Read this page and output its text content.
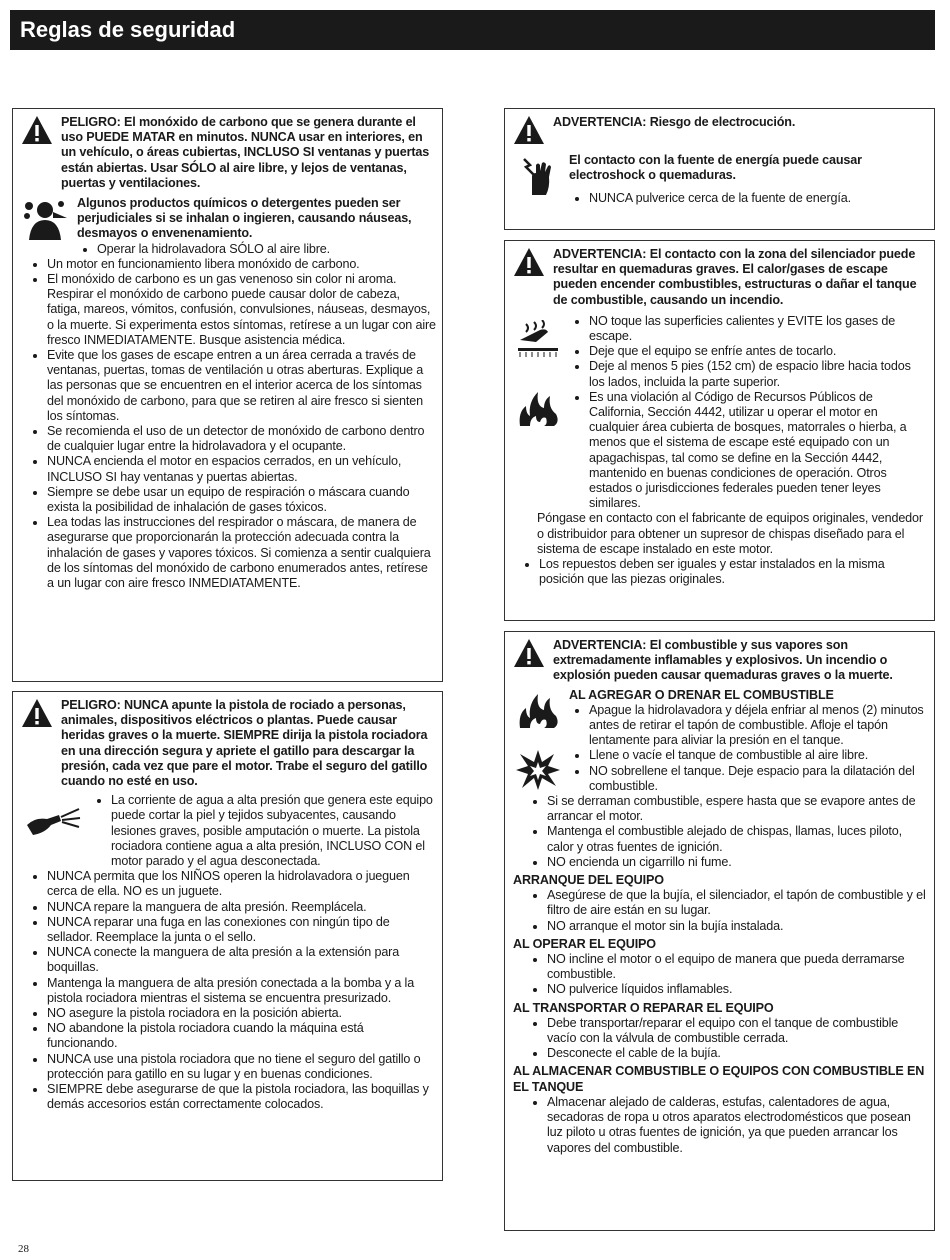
Reglas de seguridad
PELIGRO: El monóxido de carbono que se genera durante el uso PUEDE MATAR en minutos. NUNCA usar en interiores, en un vehículo, o áreas cubiertas, INCLUSO SI ventanas y puertas están abiertas. Usar SÓLO al aire libre, y lejos de ventanas, puertas y ventilaciones.
Algunos productos químicos o detergentes pueden ser perjudiciales si se inhalan o ingieren, causando náuseas, desmayos o envenenamiento.
• Operar la hidrolavadora SÓLO al aire libre.
• Un motor en funcionamiento libera monóxido de carbono.
• El monóxido de carbono es un gas venenoso sin color ni aroma. Respirar el monóxido de carbono puede causar dolor de cabeza, fatiga, mareos, vómitos, confusión, convulsiones, náuseas, desmayos, o la muerte. Si experimenta estos síntomas, retírese a un lugar con aire fresco INMEDIATAMENTE. Busque asistencia médica.
• Evite que los gases de escape entren a un área cerrada a través de ventanas, puertas, tomas de ventilación u otras aberturas. Explique a las personas que se encuentren en el interior acerca de los síntomas del monóxido de carbono, para que se retiren al aire fresco si sienten los síntomas.
• Se recomienda el uso de un detector de monóxido de carbono dentro de cualquier lugar entre la hidrolavadora y el ocupante.
• NUNCA encienda el motor en espacios cerrados, en un vehículo, INCLUSO SI hay ventanas y puertas abiertas.
• Siempre se debe usar un equipo de respiración o máscara cuando exista la posibilidad de inhalación de gases tóxicos.
• Lea todas las instrucciones del respirador o máscara, de manera de asegurarse que proporcionarán la protección adecuada contra la inhalación de gases y vapores tóxicos. Si comienza a sentir cualquiera de los síntomas del monóxido de carbono enumerados antes, retírese a un lugar con aire fresco INMEDIATAMENTE.
PELIGRO: NUNCA apunte la pistola de rociado a personas, animales, dispositivos eléctricos o plantas. Puede causar heridas graves o la muerte. SIEMPRE dirija la pistola rociadora en una dirección segura y apriete el gatillo para descargar la presión, cada vez que pare el motor. Trabe el seguro del gatillo cuando no esté en uso.
• La corriente de agua a alta presión que genera este equipo puede cortar la piel y tejidos subyacentes, causando lesiones graves, posible amputación o muerte. La pistola rociadora contiene agua a alta presión, INCLUSO CON el motor parado y el agua desconectada.
• NUNCA permita que los NIÑOS operen la hidrolavadora o jueguen cerca de ella. NO es un juguete.
• NUNCA repare la manguera de alta presión. Reemplácela.
• NUNCA reparar una fuga en las conexiones con ningún tipo de sellador. Reemplace la junta o el sello.
• NUNCA conecte la manguera de alta presión a la extensión para boquillas.
• Mantenga la manguera de alta presión conectada a la bomba y a la pistola rociadora mientras el sistema se encuentra presurizado.
• NO asegure la pistola rociadora en la posición abierta.
• NO abandone la pistola rociadora cuando la máquina está funcionando.
• NUNCA use una pistola rociadora que no tiene el seguro del gatillo o protección para gatillo en su lugar y en buenas condiciones.
• SIEMPRE debe asegurarse de que la pistola rociadora, las boquillas y demás accesorios están correctamente colocados.
ADVERTENCIA: Riesgo de electrocución.
El contacto con la fuente de energía puede causar electroshock o quemaduras.
• NUNCA pulverice cerca de la fuente de energía.
ADVERTENCIA: El contacto con la zona del silenciador puede resultar en quemaduras graves. El calor/gases de escape pueden encender combustibles, estructuras o dañar el tanque de combustible, causando un incendio.
• NO toque las superficies calientes y EVITE los gases de escape.
• Deje que el equipo se enfríe antes de tocarlo.
• Deje al menos 5 pies (152 cm) de espacio libre hacia todos los lados, incluida la parte superior.
• Es una violación al Código de Recursos Públicos de California, Sección 4442, utilizar u operar el motor en cualquier área cubierta de bosques, matorrales o hierba, a menos que el sistema de escape esté equipado con un apagachispas, tal como se define en la Sección 4442, mantenido en buenas condiciones de operación. Otros estados o jurisdicciones federales pueden tener leyes similares.
Póngase en contacto con el fabricante de equipos originales, vendedor o distribuidor para obtener un supresor de chispas diseñado para el sistema de escape instalado en este motor.
• Los repuestos deben ser iguales y estar instalados en la misma posición que las piezas originales.
ADVERTENCIA: El combustible y sus vapores son extremadamente inflamables y explosivos. Un incendio o explosión pueden causar quemaduras graves o la muerte.
AL AGREGAR O DRENAR EL COMBUSTIBLE
• Apague la hidrolavadora y déjela enfriar al menos (2) minutos antes de retirar el tapón de combustible. Afloje el tapón lentamente para aliviar la presión en el tanque.
• Llene o vacíe el tanque de combustible al aire libre.
• NO sobrellene el tanque. Deje espacio para la dilatación del combustible.
• Si se derraman combustible, espere hasta que se evapore antes de arrancar el motor.
• Mantenga el combustible alejado de chispas, llamas, luces piloto, calor y otras fuentes de ignición.
• NO encienda un cigarrillo ni fume.
ARRANQUE DEL EQUIPO
• Asegúrese de que la bujía, el silenciador, el tapón de combustible y el filtro de aire están en su lugar.
• NO arranque el motor sin la bujía instalada.
AL OPERAR EL EQUIPO
• NO incline el motor o el equipo de manera que pueda derramarse combustible.
• NO pulverice líquidos inflamables.
AL TRANSPORTAR O REPARAR EL EQUIPO
• Debe transportar/reparar el equipo con el tanque de combustible vacío con la válvula de combustible cerrada.
• Desconecte el cable de la bujía.
AL ALMACENAR COMBUSTIBLE O EQUIPOS CON COMBUSTIBLE EN EL TANQUE
• Almacenar alejado de calderas, estufas, calentadores de agua, secadoras de ropa u otros aparatos electrodomésticos que posean luz piloto u otras fuentes de ignición, ya que pueden arrancar los vapores del combustible.
28
